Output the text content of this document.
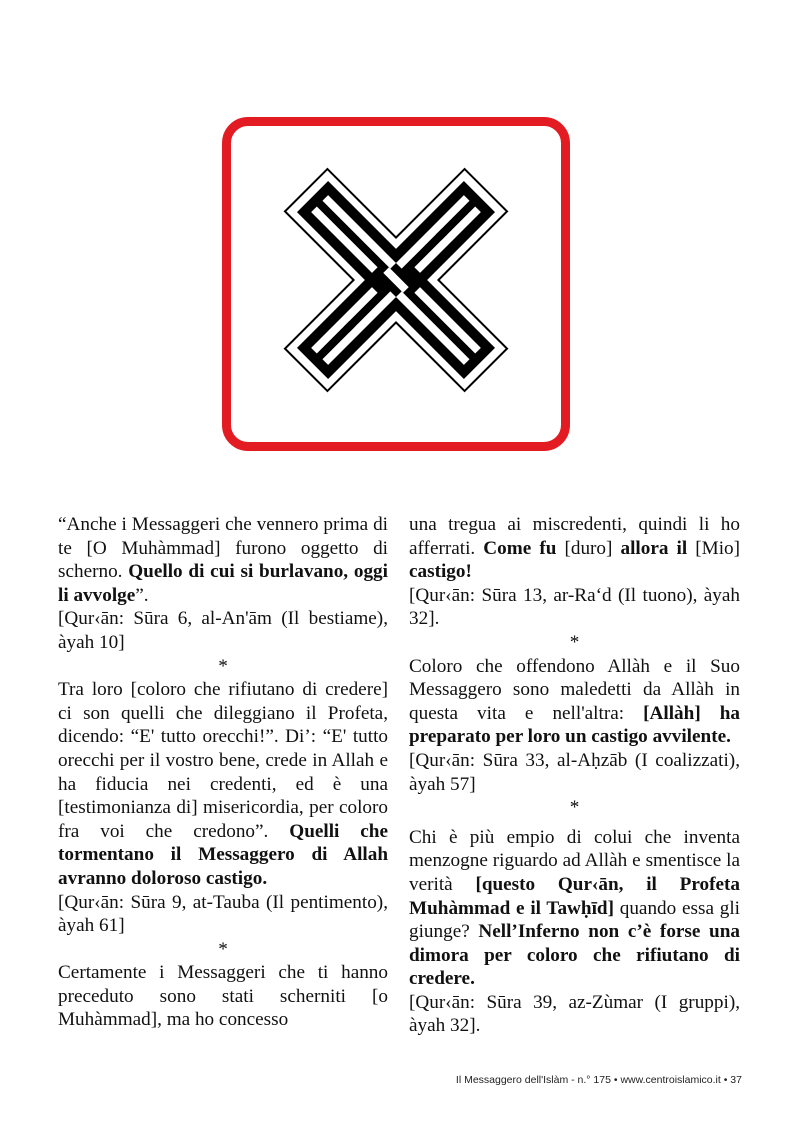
“Anche i Messaggeri che vennero prima di te [O Muhàmmad] furono oggetto di scherno. Quello di cui si burlavano, oggi li avvolge”.

[Qur‹ān: Sūra 6, al-An'ām (Il bestiame), àyah 10]

*

Tra loro [coloro che rifiutano di credere] ci son quelli che dileggiano il Profeta, dicendo: “E' tutto orecchi!”. Di’: “E' tutto orecchi per il vostro bene, crede in Allah e ha fiducia nei credenti, ed è una [testimonianza di] misericordia, per coloro fra voi che credono”. Quelli che tormentano il Messaggero di Allah avranno doloroso castigo.

[Qur‹ān: Sūra 9, at-Tauba (Il pentimento), àyah 61]

*

Certamente i Messaggeri che ti hanno preceduto sono stati scherniti [o Muhàmmad], ma ho concesso

una tregua ai miscredenti, quindi li ho afferrati. Come fu [duro] allora il [Mio] castigo!

[Qur‹ān: Sūra 13, ar-Ra‘d (Il tuono), àyah 32].

*

Coloro che offendono Allàh e il Suo Messaggero sono maledetti da Allàh in questa vita e nell'altra: [Allàh] ha preparato per loro un castigo avvilente.

[Qur‹ān: Sūra 33, al-Aḥzāb (I coalizzati), àyah 57]

*

Chi è più empio di colui che inventa menzogne riguardo ad Allàh e smentisce la verità [questo Qur‹ān, il Profeta Muhàmmad e il Tawḥīd] quando essa gli giunge? Nell’Inferno non c’è forse una dimora per coloro che rifiutano di credere.

[Qur‹ān: Sūra 39, az-Zùmar (I gruppi), àyah 32].

Il Messaggero dell'Islàm - n.° 175 • www.centroislamico.it • 37
